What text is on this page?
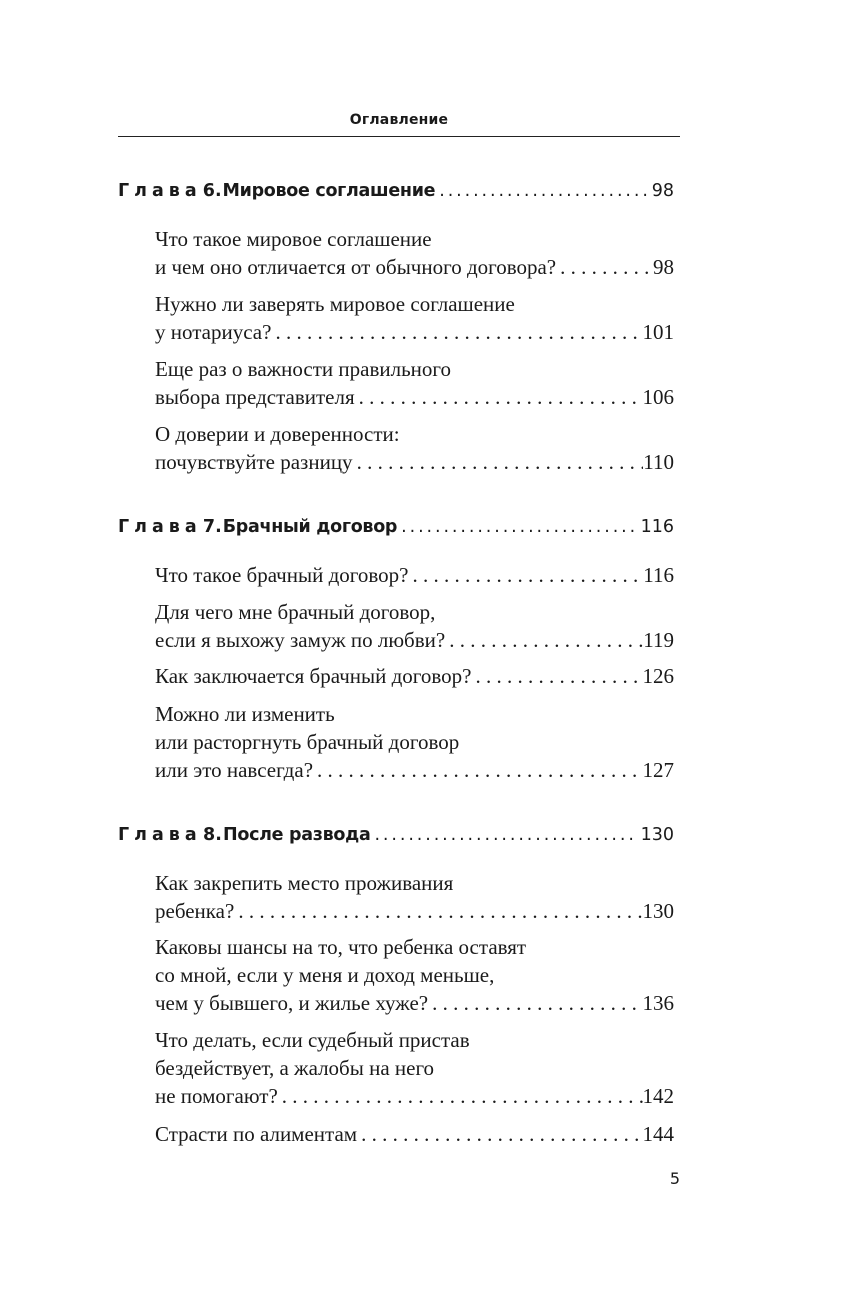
Оглавление
Глава 6. Мировое соглашение .....	98
Что такое мировое соглашение
и чем оно отличается от обычного договора? . . .	98
Нужно ли заверять мировое соглашение
у нотариуса? . . .	101
Еще раз о важности правильного
выбора представителя . . .	106
О доверии и доверенности:
почувствуйте разницу . . .	110
Глава 7. Брачный договор .....	116
Что такое брачный договор? . . .	116
Для чего мне брачный договор,
если я выхожу замуж по любви? . . .	119
Как заключается брачный договор? . . .	126
Можно ли изменить
или расторгнуть брачный договор
или это навсегда? . . .	127
Глава 8. После развода .....	130
Как закрепить место проживания
ребенка? . . .	130
Каковы шансы на то, что ребенка оставят
со мной, если у меня и доход меньше,
чем у бывшего, и жилье хуже? . . .	136
Что делать, если судебный пристав
бездействует, а жалобы на него
не помогают? . . .	142
Страсти по алиментам . . .	144
5
